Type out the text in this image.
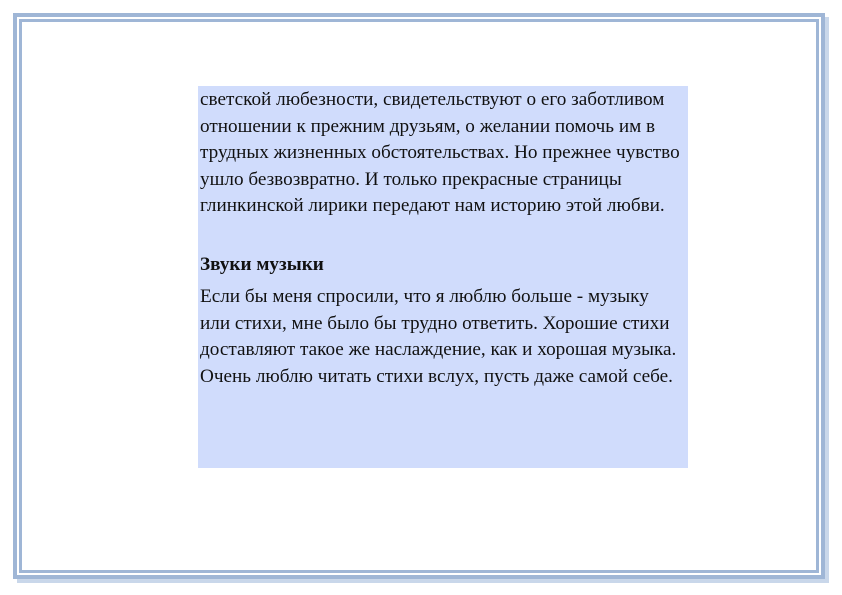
светской любезности, свидетельствуют о его заботливом отношении к прежним друзьям, о желании помочь им в трудных жизненных обстоятельствах. Но прежнее чувство ушло безвозвратно. И только прекрасные страницы глинкинской лирики передают нам историю этой любви.

Звуки музыки

Если бы меня спросили, что я люблю больше - музыку или стихи, мне было бы трудно ответить. Хорошие стихи доставляют такое же наслаждение, как и хорошая музыка. Очень люблю читать стихи вслух, пусть даже самой себе.
